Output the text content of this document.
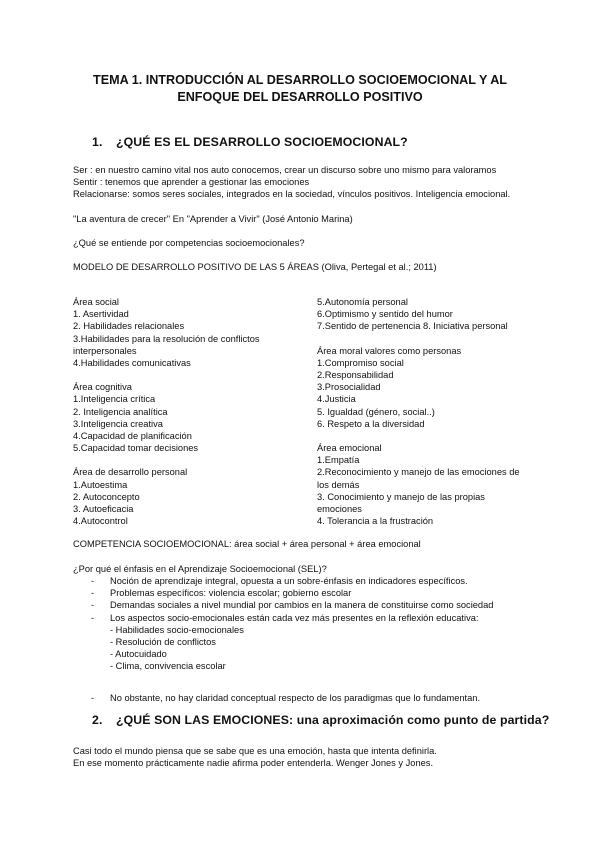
TEMA 1. INTRODUCCIÓN AL DESARROLLO SOCIOEMOCIONAL Y AL
ENFOQUE DEL DESARROLLO POSITIVO
1. ¿QUÉ ES EL DESARROLLO SOCIOEMOCIONAL?
Ser : en nuestro camino vital nos auto conocemos, crear un discurso sobre uno mismo para valoramos
Sentir : tenemos que aprender a gestionar las emociones
Relacionarse: somos seres sociales, integrados en la sociedad, vínculos positivos. Inteligencia emocional.
"La aventura de crecer" En "Aprender a Vivir" (José Antonio Marina)
¿Qué se entiende por competencias socioemocionales?
MODELO DE DESARROLLO POSITIVO DE LAS 5 ÁREAS (Oliva, Pertegal et al.; 2011)
Área social
1. Asertividad
2. Habilidades relacionales
3.Habilidades para la resolución de conflictos
interpersonales
4.Habilidades comunicativas
Área cognitiva
1.Inteligencia crítica
2. Inteligencia analítica
3.Inteligencia creativa
4.Capacidad de planificación
5.Capacidad tomar decisiones
Área de desarrollo personal
1.Autoestima
2. Autoconcepto
3. Autoeficacia
4.Autocontrol
5.Autonomía personal
6.Optimismo y sentido del humor
7.Sentido de pertenencia 8. Iniciativa personal
Área moral valores como personas
1.Compromiso social
2.Responsabilidad
3.Prosocialidad
4.Justicia
5. Igualdad (género, social..)
6. Respeto a la diversidad
Área emocional
1.Empatía
2.Reconocimiento y manejo de las emociones de
los demás
3. Conocimiento y manejo de las propias
emociones
4. Tolerancia a la frustración
COMPETENCIA SOCIOEMOCIONAL: área social + área personal + área emocional
¿Por qué el énfasis en el Aprendizaje Socioemocional (SEL)?
- Noción de aprendizaje integral, opuesta a un sobre-énfasis en indicadores específicos.
- Problemas específicos: violencia escolar; gobierno escolar
- Demandas sociales a nivel mundial por cambios en la manera de constituirse como sociedad
- Los aspectos socio-emocionales están cada vez más presentes en la reflexión educativa:
- Habilidades socio-emocionales
- Resolución de conflictos
- Autocuidado
- Clima, convivencia escolar
- No obstante, no hay claridad conceptual respecto de los paradigmas que lo fundamentan.
2. ¿QUÉ SON LAS EMOCIONES: una aproximación como punto de partida?
Casi todo el mundo piensa que se sabe que es una emoción, hasta que intenta definirla.
En ese momento prácticamente nadie afirma poder entenderla. Wenger Jones y Jones.
